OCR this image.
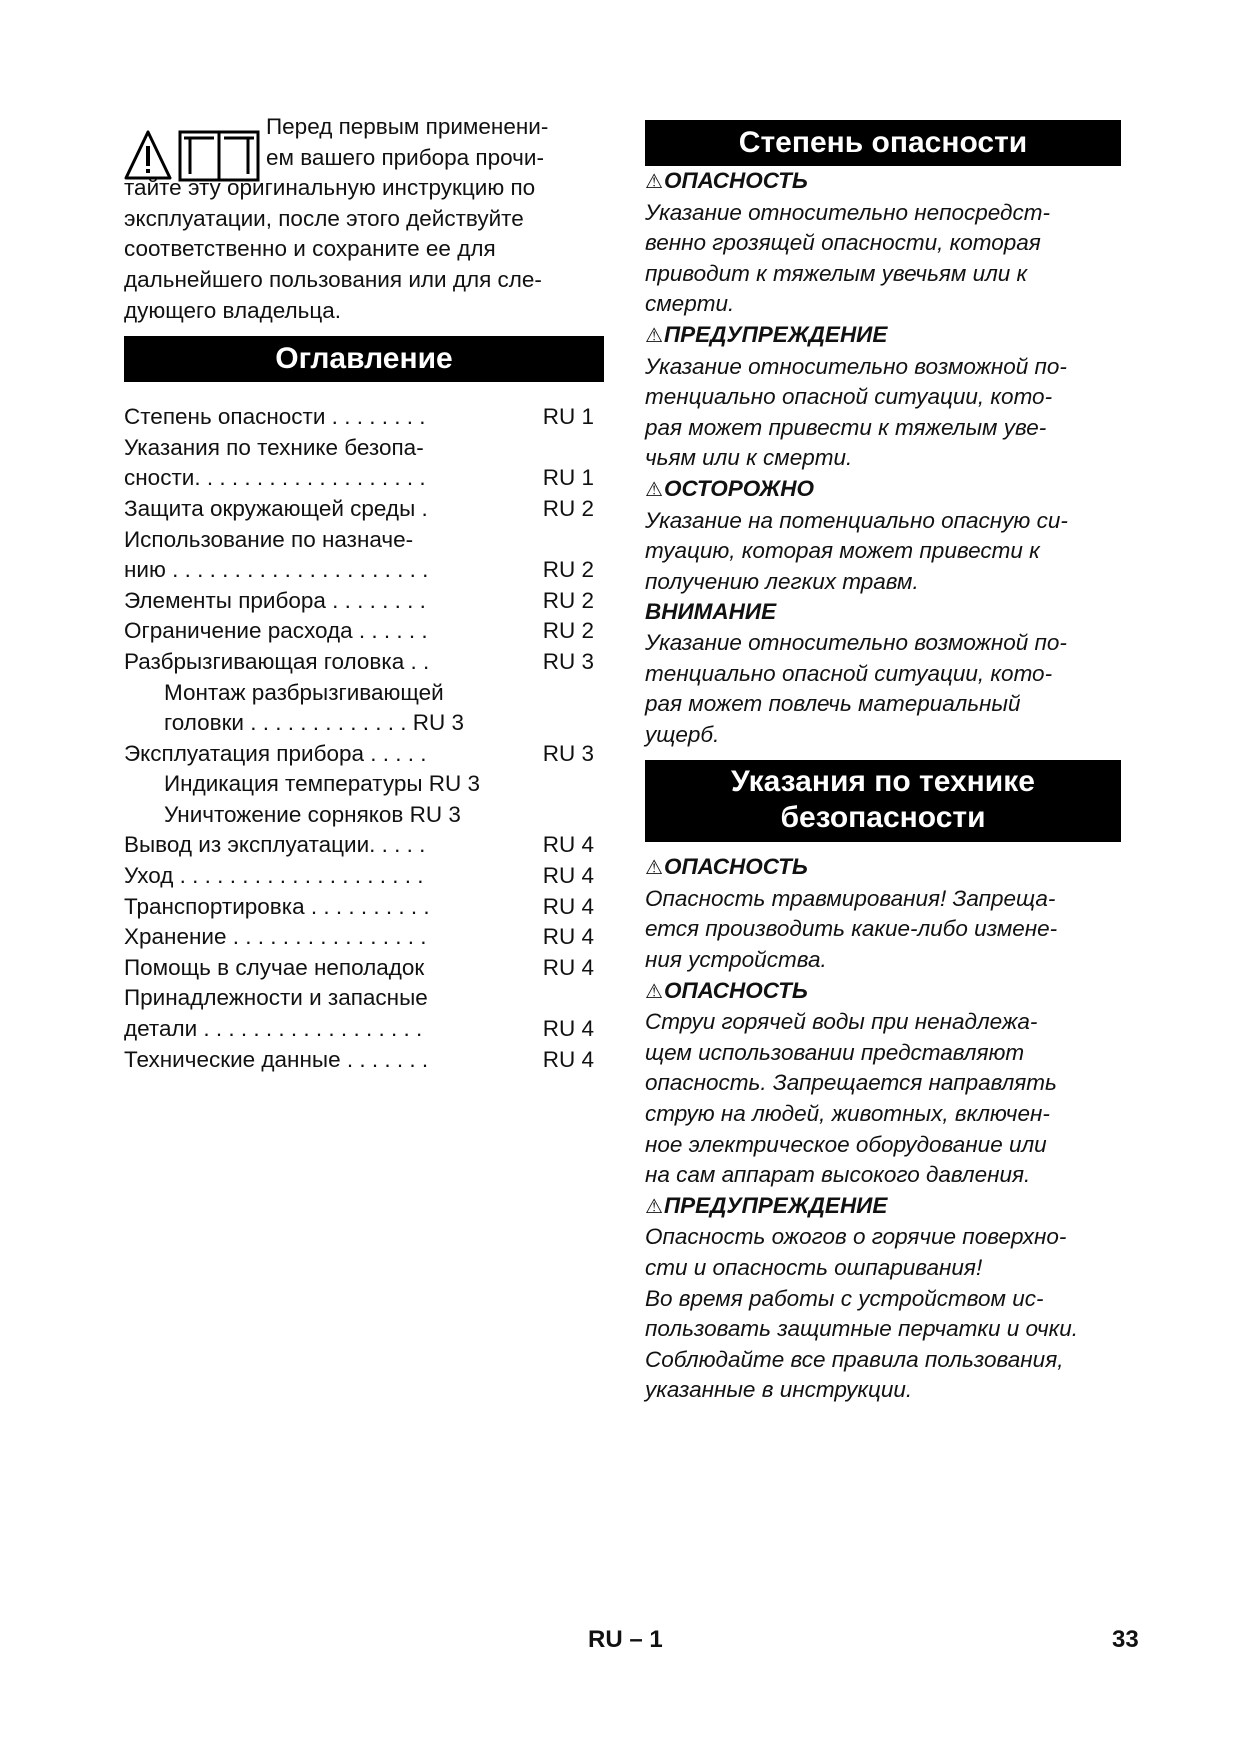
Перед первым применени-
ем вашего прибора прочи-
тайте эту оригинальную инструкцию по
эксплуатации, после этого действуйте
соответственно и сохраните ее для
дальнейшего пользования или для сле-
дующего владельца.
Оглавление
Степень опасности . . . . . . . .	RU 1
Указания по технике безопа-
сности. . . . . . . . . . . . . . . . . . .	RU 1
Защита окружающей среды .	RU 2
Использование по назначе-
нию . . . . . . . . . . . . . . . . . . . . .	RU 2
Элементы прибора . . . . . . . .	RU 2
Ограничение расхода . . . . . .	RU 2
Разбрызгивающая головка . .	RU 3
Монтаж разбрызгивающей
головки . . . . . . . . . . . . . RU 3
Эксплуатация прибора . . . . .	RU 3
Индикация температуры RU 3
Уничтожение сорняков RU 3
Вывод из эксплуатации. . . . .	RU 4
Уход . . . . . . . . . . . . . . . . . . . .	RU 4
Транспортировка . . . . . . . . . .	RU 4
Хранение . . . . . . . . . . . . . . . .	RU 4
Помощь в случае неполадок	RU 4
Принадлежности и запасные
детали . . . . . . . . . . . . . . . . . .	RU 4
Технические данные . . . . . . .	RU 4
Степень опасности
⚠ОПАСНОСТЬ
Указание относительно непосредст-
венно грозящей опасности, которая
приводит к тяжелым увечьям или к
смерти.
⚠ПРЕДУПРЕЖДЕНИЕ
Указание относительно возможной по-
тенциально опасной ситуации, кото-
рая может привести к тяжелым уве-
чьям или к смерти.
⚠ОСТОРОЖНО
Указание на потенциально опасную си-
туацию, которая может привести к
получению легких травм.
ВНИМАНИЕ
Указание относительно возможной по-
тенциально опасной ситуации, кото-
рая может повлечь материальный
ущерб.
Указания по технике
безопасности
⚠ОПАСНОСТЬ
Опасность травмирования! Запреща-
ется производить какие-либо измене-
ния устройства.
⚠ОПАСНОСТЬ
Струи горячей воды при ненадлежа-
щем использовании представляют
опасность. Запрещается направлять
струю на людей, животных, включен-
ное электрическое оборудование или
на сам аппарат высокого давления.
⚠ПРЕДУПРЕЖДЕНИЕ
Опасность ожогов о горячие поверхно-
сти и опасность ошпаривания!
Во время работы с устройством ис-
пользовать защитные перчатки и очки.
Соблюдайте все правила пользования,
указанные в инструкции.
RU – 1	33
